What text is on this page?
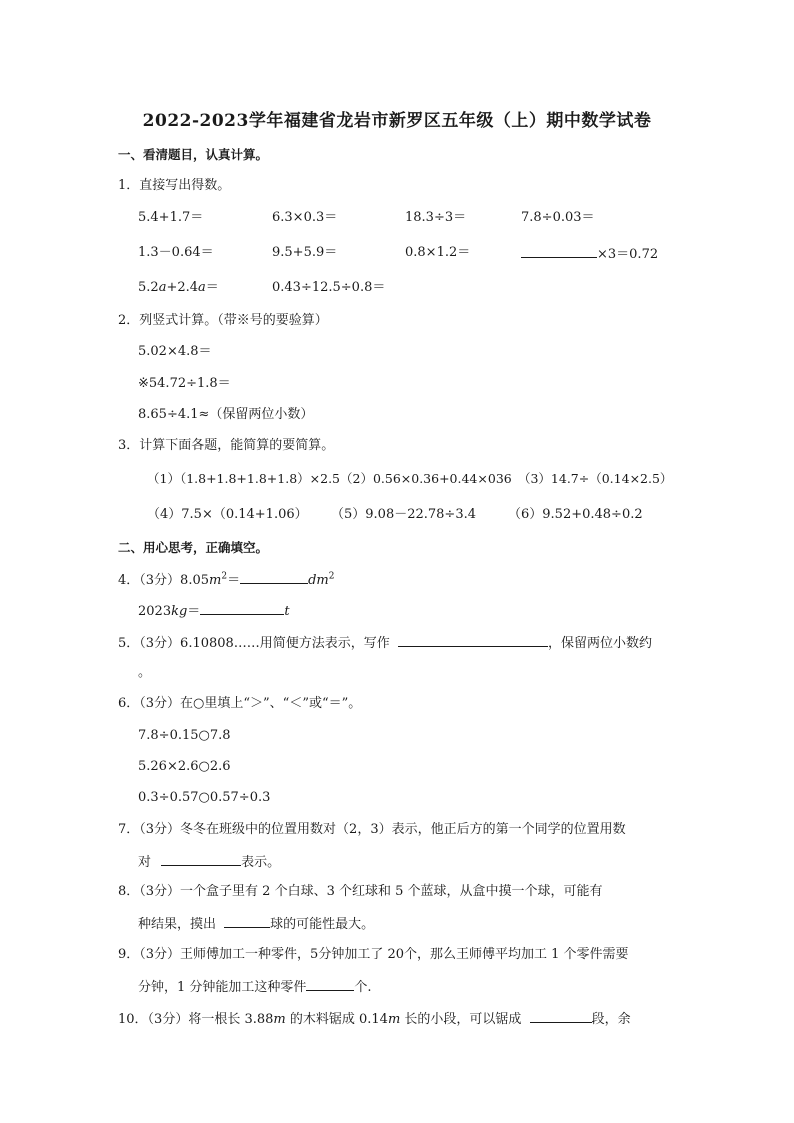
2022-2023学年福建省龙岩市新罗区五年级（上）期中数学试卷
一、看清题目，认真计算。
1．直接写出得数。
5.4+1.7＝	6.3×0.3＝	18.3÷3＝	7.8÷0.03＝
1.3－0.64＝	9.5+5.9＝	0.8×1.2＝	×3＝0.72
5.2a+2.4a＝	0.43÷12.5÷0.8＝
2．列竖式计算。（带※号的要验算）
5.02×4.8＝
※54.72÷1.8＝
8.65÷4.1≈（保留两位小数）
3．计算下面各题，能简算的要简算。
（1）（1.8+1.8+1.8+1.8）×2.5（2）0.56×0.36+0.44×036　（3）14.7÷（0.14×2.5）
（4）7.5×（0.14+1.06） （5）9.08－22.78÷3.4 （6）9.52+0.48÷0.2
二、用心思考，正确填空。
4．（3分）$8.05m^2=$	$dm^2$
2023kg＝	t
5．（3分）6.10808……用简便方法表示，写作	，保留两位小数约
。
6．（3分）在○里填上“＞”、“＜”或“＝”。
7.8÷0.15○7.8
5.26×2.6○2.6
0.3÷0.57○0.57÷0.3
7．（3分）冬冬在班级中的位置用数对（2，3）表示，他正后方的第一个同学的位置用数
对	表示。
8．（3分）一个盒子里有 2 个白球、3 个红球和 5 个蓝球，从盒中摸一个球，可能有
种结果，摸出	球的可能性最大。
9．（3分）王师傅加工一种零件，5分钟加工了 20个，那么王师傅平均加工 1 个零件需要
分钟，1 分钟能加工这种零件	个.
10．（3分）将一根长 3.88m 的木料锯成 0.14m 长的小段，可以锯成	段，余
